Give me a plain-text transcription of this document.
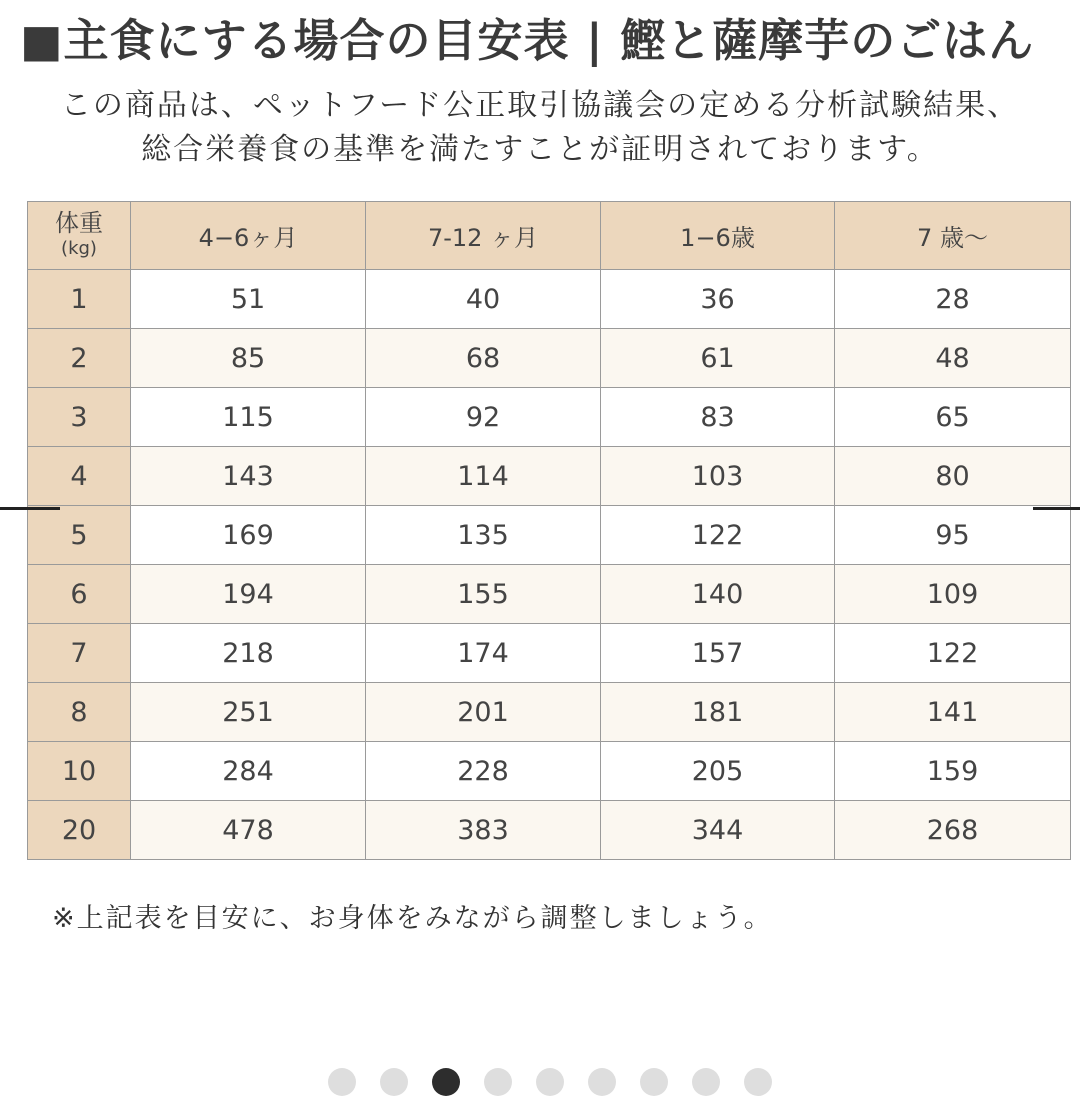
■主食にする場合の目安表 | 鰹と薩摩芋のごはん
この商品は、ペットフード公正取引協議会の定める分析試験結果、
総合栄養食の基準を満たすことが証明されております。
体重
(kg)	4−6ヶ月	7-12 ヶ月	1−6歳	7 歳～
1	51	40	36	28
2	85	68	61	48
3	115	92	83	65
4	143	114	103	80
5	169	135	122	95
6	194	155	140	109
7	218	174	157	122
8	251	201	181	141
10	284	228	205	159
20	478	383	344	268
※上記表を目安に、お身体をみながら調整しましょう。
